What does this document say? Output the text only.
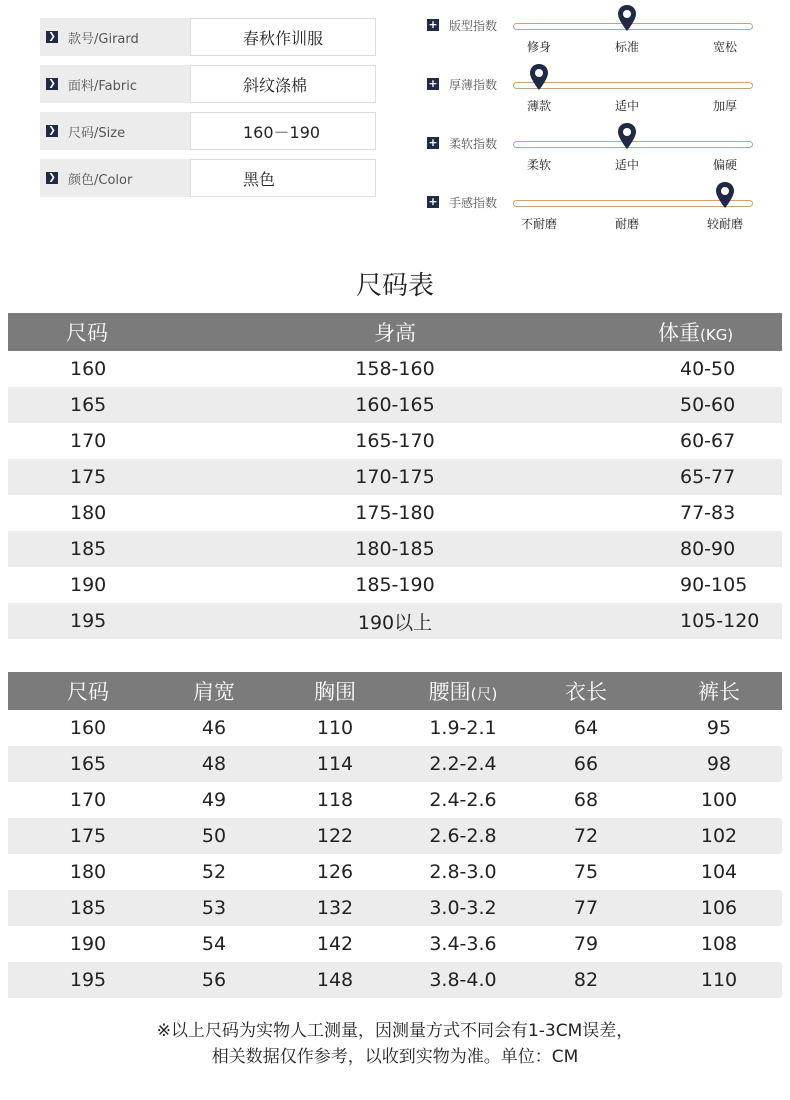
❯ 款号/Girard	春秋作训服
❯ 面料/Fabric	斜纹涤棉
❯ 尺码/Size	160－190
❯ 颜色/Color	黑色
+ 版型指数
修身	标准	宽松
+ 厚薄指数
薄款	适中	加厚
+ 柔软指数
柔软	适中	偏硬
+ 手感指数
不耐磨	耐磨	较耐磨
尺码表
尺码	身高	体重(KG)
160	158-160	40-50
165	160-165	50-60
170	165-170	60-67
175	170-175	65-77
180	175-180	77-83
185	180-185	80-90
190	185-190	90-105
195	190以上	105-120
尺码	肩宽	胸围	腰围(尺)	衣长	裤长
160	46	110	1.9-2.1	64	95
165	48	114	2.2-2.4	66	98
170	49	118	2.4-2.6	68	100
175	50	122	2.6-2.8	72	102
180	52	126	2.8-3.0	75	104
185	53	132	3.0-3.2	77	106
190	54	142	3.4-3.6	79	108
195	56	148	3.8-4.0	82	110
※以上尺码为实物人工测量，因测量方式不同会有1-3CM误差，
相关数据仅作参考，以收到实物为准。单位：CM
